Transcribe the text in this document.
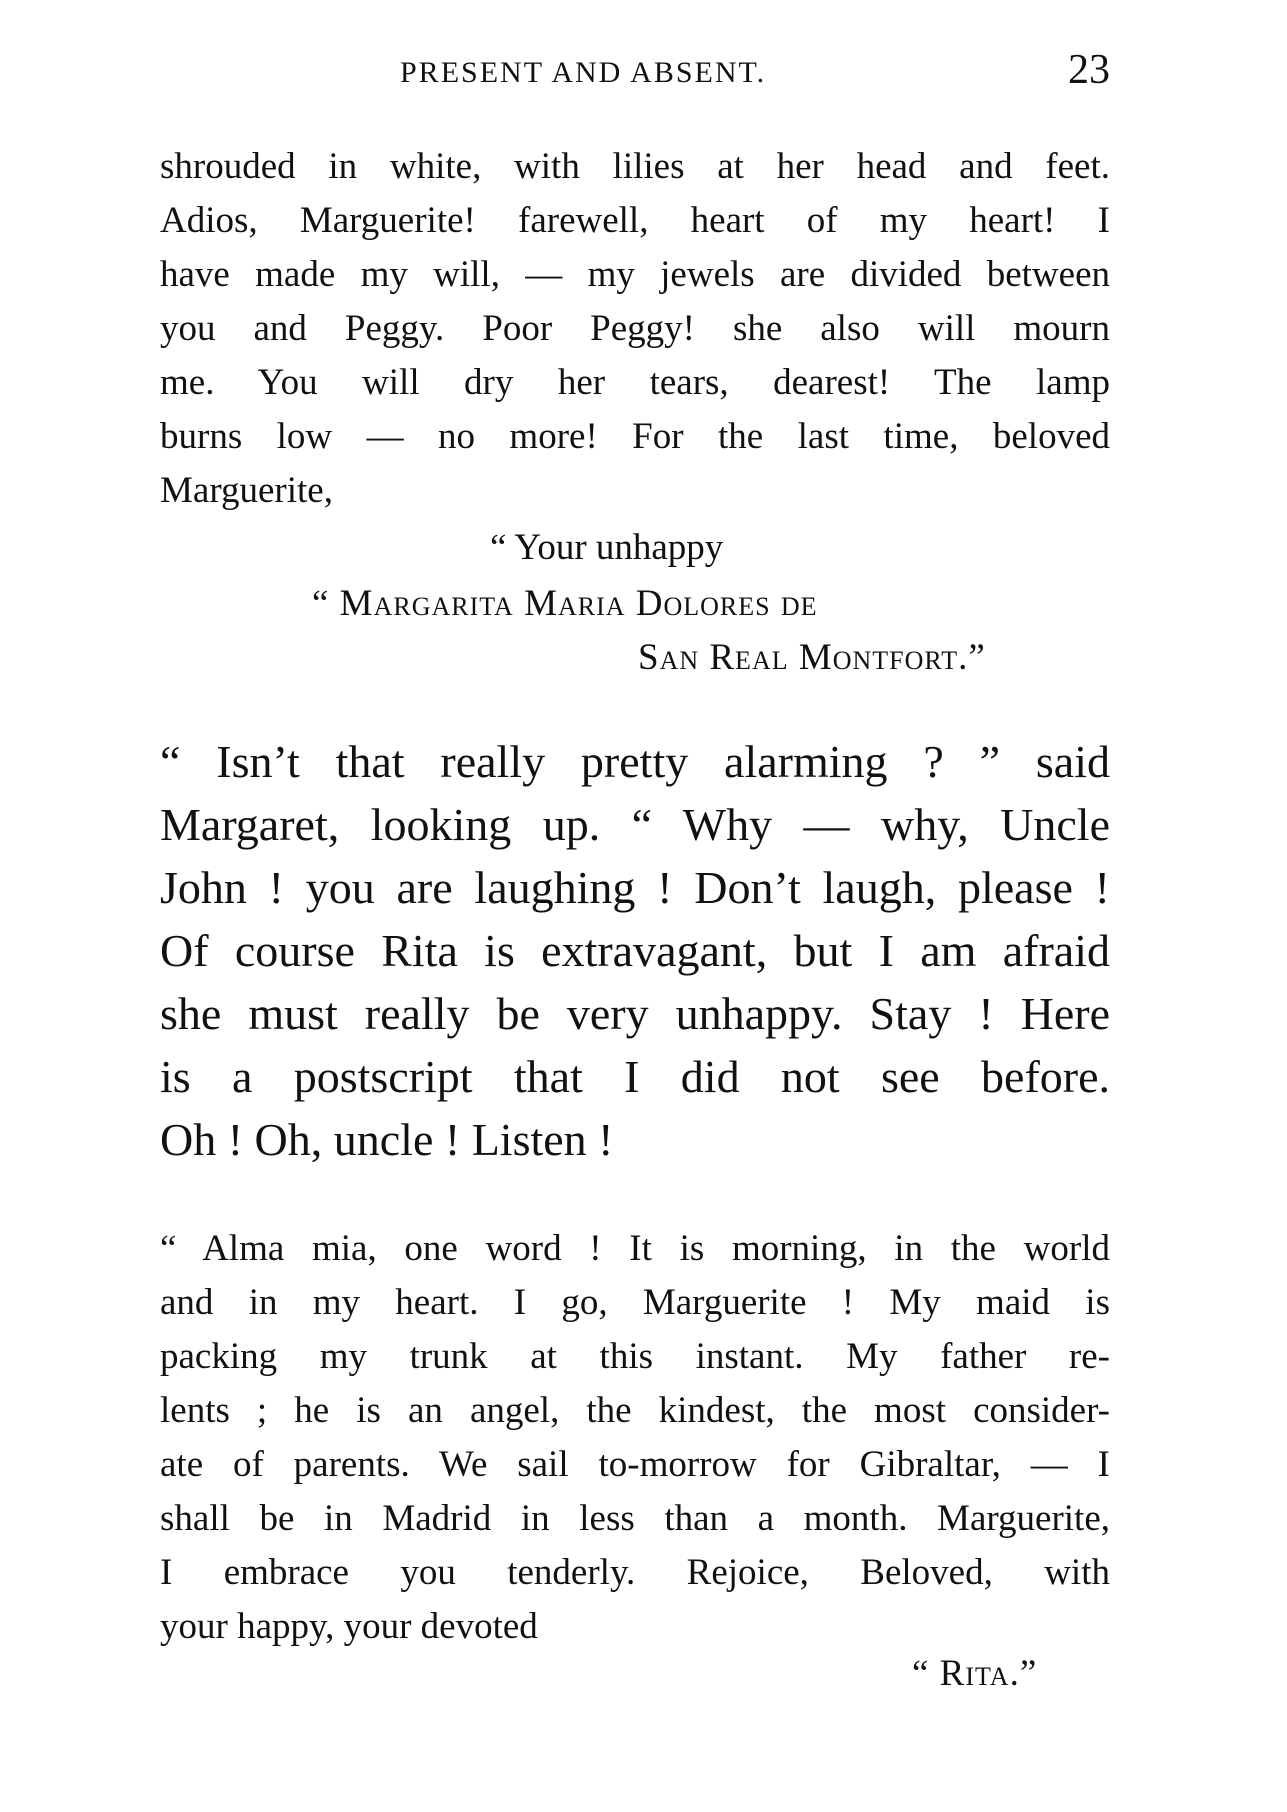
PRESENT AND ABSENT.	23
shrouded in white, with lilies at her head and feet.
Adios, Marguerite! farewell, heart of my heart! I
have made my will, — my jewels are divided between
you and Peggy. Poor Peggy! she also will mourn
me. You will dry her tears, dearest! The lamp
burns low — no more! For the last time, beloved
Marguerite,
“ Your unhappy
“ Margarita Maria Dolores de
San Real Montfort.”
“ Isn’t that really pretty alarming ? ” said
Margaret, looking up. “ Why — why, Uncle
John ! you are laughing ! Don’t laugh, please !
Of course Rita is extravagant, but I am afraid
she must really be very unhappy. Stay ! Here
is a postscript that I did not see before.
Oh ! Oh, uncle ! Listen !
“ Alma mia, one word ! It is morning, in the world
and in my heart. I go, Marguerite ! My maid is
packing my trunk at this instant. My father re-
lents ; he is an angel, the kindest, the most consider-
ate of parents. We sail to-morrow for Gibraltar, — I
shall be in Madrid in less than a month. Marguerite,
I embrace you tenderly. Rejoice, Beloved, with
your happy, your devoted
“ Rita.”
